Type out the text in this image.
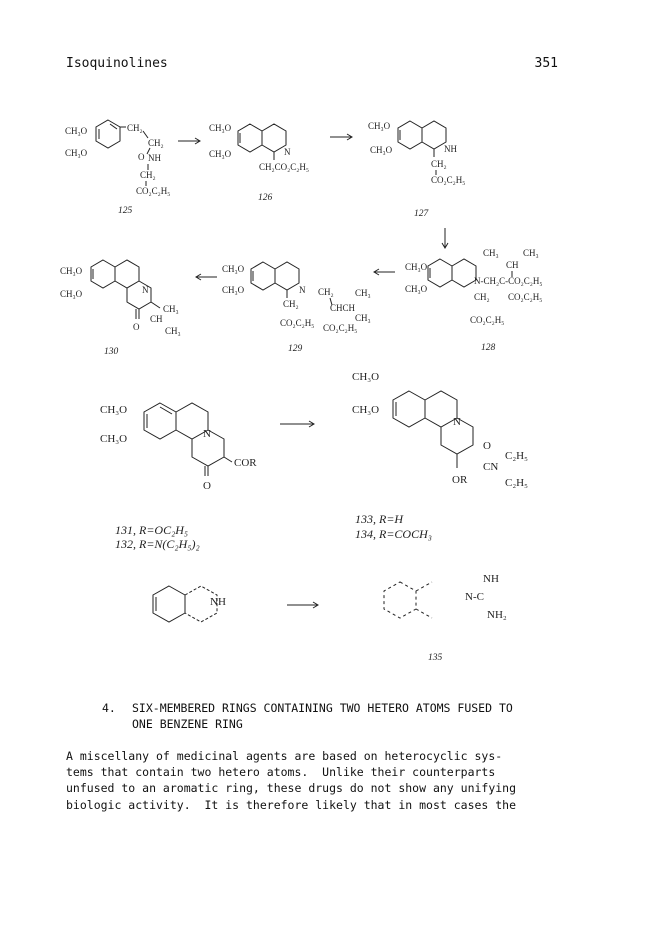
Isoquinolines	351
CH₃O
CH₃O
CH₂
CH₂
O NH
CH₂
CO₂C₂H₅
125
CH₃O
CH₃O	N
CH₂CO₂C₂H₅
126
CH₃O
CH₃O	NH
CH₂
CO₂C₂H₅
127
CH₃O
CH₃O	N
CH₃
O
CH
CH₃
130
CH₃O
CH₃O	N
CH₂
CO₂C₂H₅
CH₂
CHCH
CH₃
CH₃
CO₂C₂H₅
129
CH₃O
CH₃O
CH₃	CH₃
CH
N-CH₂C-CO₂C₂H₅
CH₂ CO₂C₂H₅
CO₂C₂H₅
128
CH₃O
CH₃O	N
COR
O
CH₃O
CH₃O
N
O
C₂H₅
CN
OR	C₂H₅
131, R=OC₂H₅
132, R=N(C₂H₅)₂
133, R=H
134, R=COCH₃
NH
NH
N-C
NH₂
135
4. SIX-MEMBERED RINGS CONTAINING TWO HETERO ATOMS FUSED TO
ONE BENZENE RING
A miscellany of medicinal agents are based on heterocyclic sys-
tems that contain two hetero atoms.  Unlike their counterparts
unfused to an aromatic ring, these drugs do not show any unifying
biologic activity.  It is therefore likely that in most cases the
